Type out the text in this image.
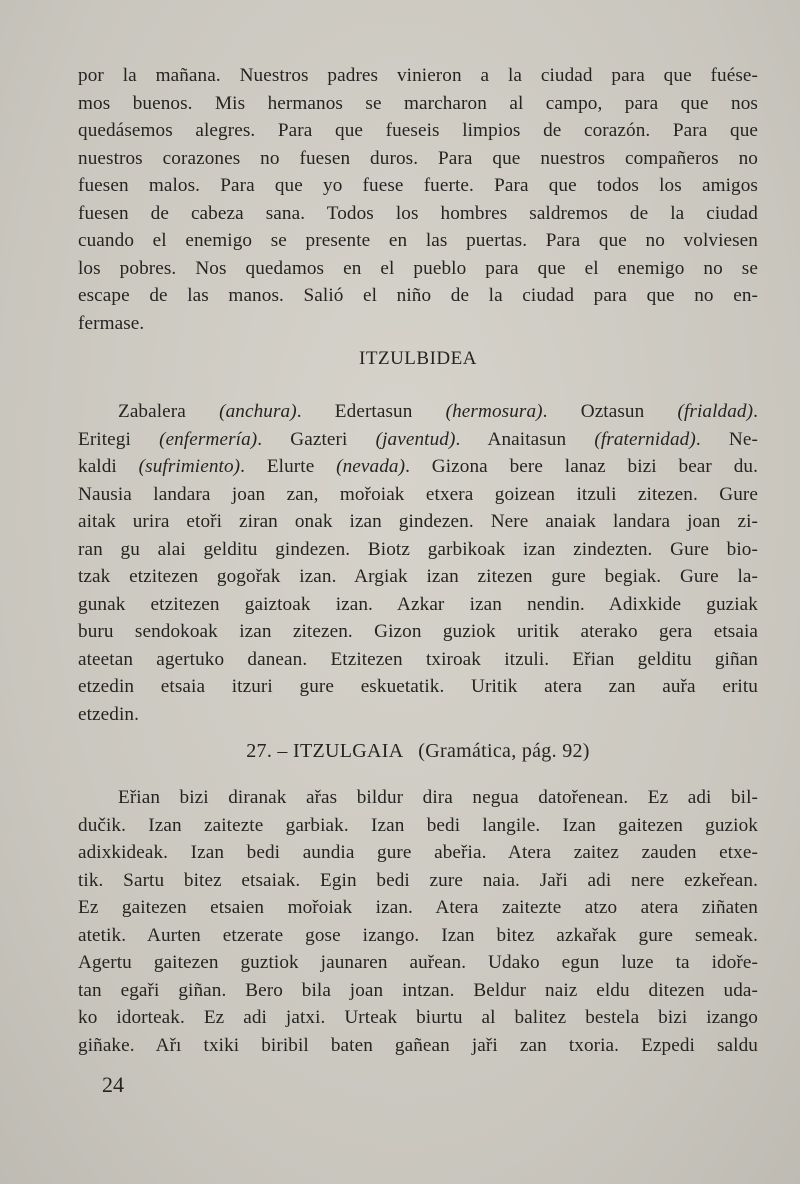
por la mañana. Nuestros padres vinieron a la ciudad para que fuése-
mos buenos. Mis hermanos se marcharon al campo, para que nos
quedásemos alegres. Para que fueseis limpios de corazón. Para que
nuestros corazones no fuesen duros. Para que nuestros compañeros no
fuesen malos. Para que yo fuese fuerte. Para que todos los amigos
fuesen de cabeza sana. Todos los hombres saldremos de la ciudad
cuando el enemigo se presente en las puertas. Para que no volviesen
los pobres. Nos quedamos en el pueblo para que el enemigo no se
escape de las manos. Salió el niño de la ciudad para que no en-
fermase.
ITZULBIDEA
Zabalera (anchura). Edertasun (hermosura). Oztasun (frialdad).
Eritegi (enfermería). Gazteri (javentud). Anaitasun (fraternidad). Ne-
kaldi (sufrimiento). Elurte (nevada). Gizona bere lanaz bizi bear du.
Nausia landara joan zan, mořoiak etxera goizean itzuli zitezen. Gure
aitak urira etoři ziran onak izan gindezen. Nere anaiak landara joan zi-
ran gu alai gelditu gindezen. Biotz garbikoak izan zindezten. Gure bio-
tzak etzitezen gogořak izan. Argiak izan zitezen gure begiak. Gure la-
gunak etzitezen gaiztoak izan. Azkar izan nendin. Adixkide guziak
buru sendokoak izan zitezen. Gizon guziok uritik aterako gera etsaia
ateetan agertuko danean. Etzitezen txiroak itzuli. Eřian gelditu giñan
etzedin etsaia itzuri gure eskuetatik. Uritik atera zan auřa eritu
etzedin.
27. – ITZULGAIA   (Gramática, pág. 92)
Eřian bizi diranak ařas bildur dira negua datořenean. Ez adi bil-
dučik. Izan zaitezte garbiak. Izan bedi langile. Izan gaitezen guziok
adixkideak. Izan bedi aundia gure abeřia. Atera zaitez zauden etxe-
tik. Sartu bitez etsaiak. Egin bedi zure naia. Jaři adi nere ezkeřean.
Ez gaitezen etsaien mořoiak izan. Atera zaitezte atzo atera ziñaten
atetik. Aurten etzerate gose izango. Izan bitez azkařak gure semeak.
Agertu gaitezen guztiok jaunaren auřean. Udako egun luze ta idoře-
tan egaři giñan. Bero bila joan intzan. Beldur naiz eldu ditezen uda-
ko idorteak. Ez adi jatxi. Urteak biurtu al balitez bestela bizi izango
giñake. Ařı txiki biribil baten gañean jaři zan txoria. Ezpedi saldu
24
